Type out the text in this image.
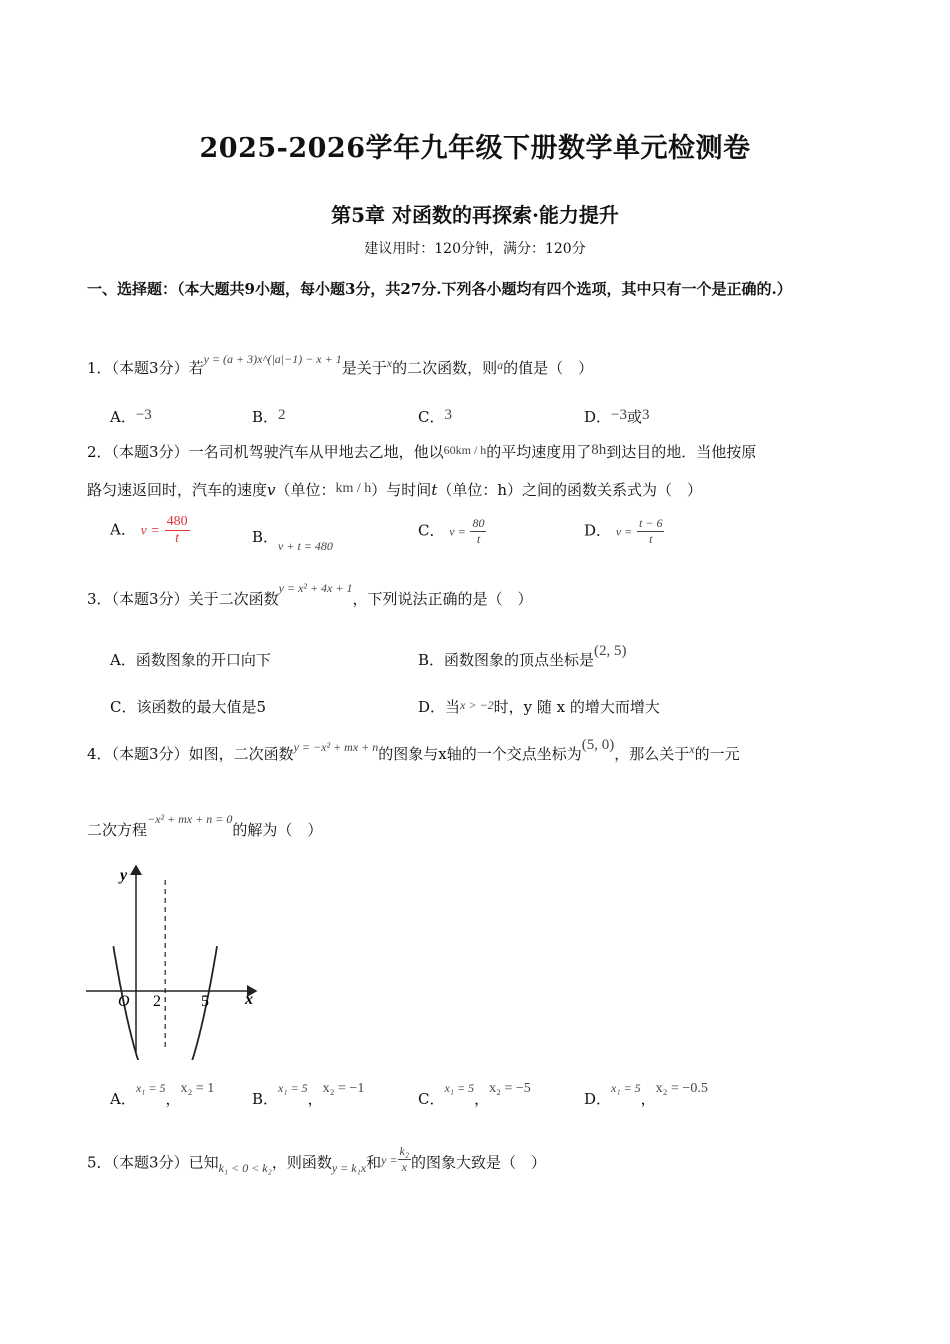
2025-2026学年九年级下册数学单元检测卷
第5章 对函数的再探索·能力提升
建议用时：120分钟，满分：120分
一、选择题：（本大题共9小题，每小题3分，共27分.下列各小题均有四个选项，其中只有一个是正确的.）
1．（本题3分）若$^{y = (a + 3)x\^{}(|a|-1) - x + 1}$是关于$^x$的二次函数，则$^a$的值是（　）
A．−3	B．2	C．3	D．−3或3
2．（本题3分）一名司机驾驶汽车从甲地去乙地，他以$^{60km / h}$的平均速度用了8h到达目的地．当他按原
路匀速返回时，汽车的速度v（单位：km / h）与时间t（单位：h）之间的函数关系式为（　）
A． $v = \frac{480}{t}$	B．$_{v + t = 480}$
C． $v = \frac{80}{t}$	D． $v = \frac{t - 6}{t}$
3．（本题3分）关于二次函数$^{y = x^2 + 4x + 1}$，下列说法正确的是（　）
A．函数图象的开口向下	B．函数图象的顶点坐标是(2, 5)
C．该函数的最大值是5	D．当$^{x > -2}$时，y 随 x 的增大而增大
4．（本题3分）如图，二次函数$^{y = -x^2 + mx + n}$的图象与x轴的一个交点坐标为(5, 0)，那么关于$^x$的一元
二次方程$^{-x^2 + mx + n = 0}$的解为（　）
y
x
O 2	5
A．x₁ = 5，x₂ = 1
B．x₁ = 5，x₂ = −1
C．x₁ = 5，x₂ = −5
D．x₁ = 5，x₂ = −0.5
5．（本题3分）已知$_{k_1 < 0 < k_2}$，则函数$_{y = k_1x}$和$^{y =} \frac{\text{k₂}}{x}$ 的图象大致是（　）
